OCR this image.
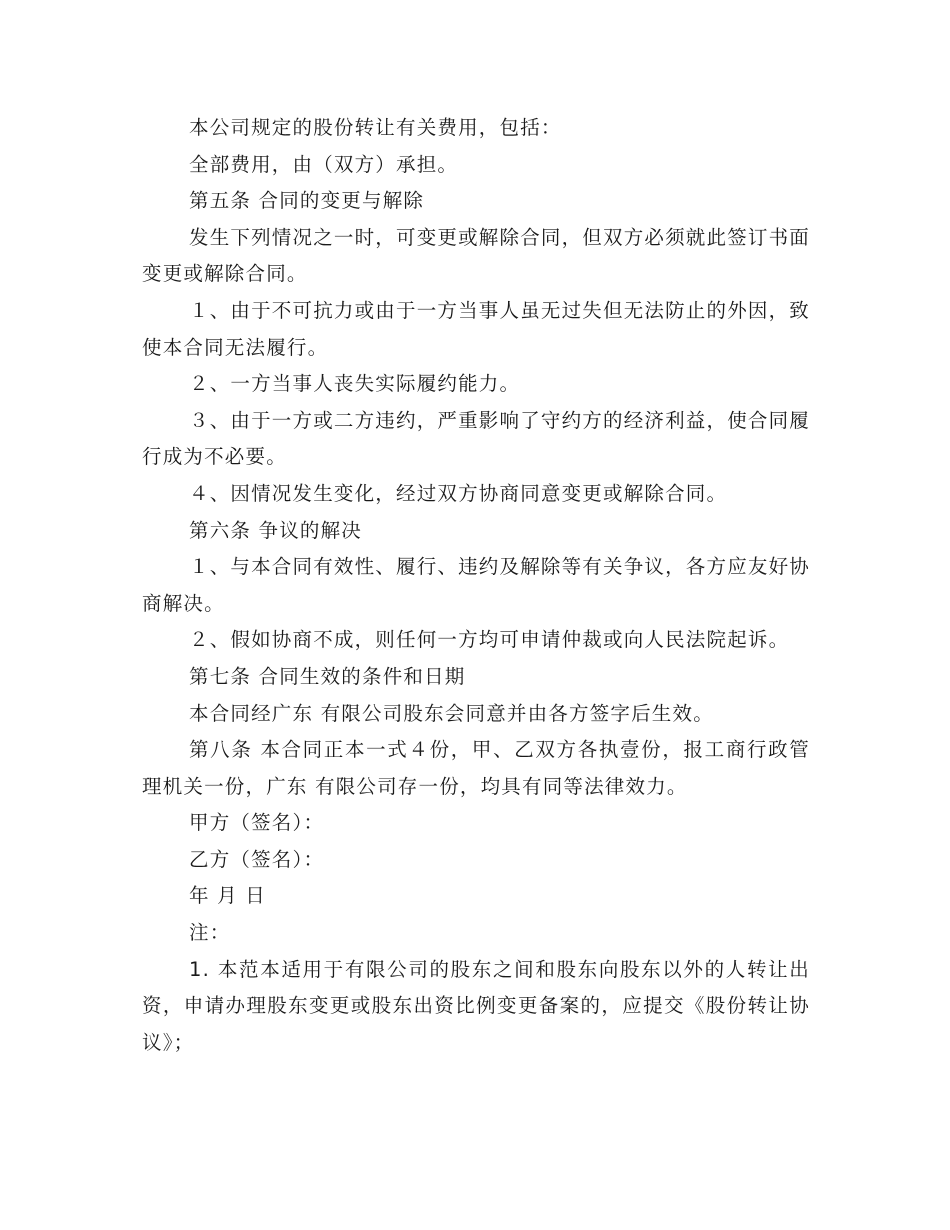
本公司规定的股份转让有关费用，包括：

全部费用，由（双方）承担。

第五条 合同的变更与解除

发生下列情况之一时，可变更或解除合同，但双方必须就此签订书面变更或解除合同。

１、由于不可抗力或由于一方当事人虽无过失但无法防止的外因，致使本合同无法履行。

２、一方当事人丧失实际履约能力。

３、由于一方或二方违约，严重影响了守约方的经济利益，使合同履行成为不必要。

４、因情况发生变化，经过双方协商同意变更或解除合同。

第六条 争议的解决

１、与本合同有效性、履行、违约及解除等有关争议，各方应友好协商解决。

２、假如协商不成，则任何一方均可申请仲裁或向人民法院起诉。

第七条 合同生效的条件和日期

本合同经广东 有限公司股东会同意并由各方签字后生效。

第八条 本合同正本一式４份，甲、乙双方各执壹份，报工商行政管理机关一份，广东 有限公司存一份，均具有同等法律效力。

甲方（签名）：

乙方（签名）：

年 月 日

注：

1. 本范本适用于有限公司的股东之间和股东向股东以外的人转让出资，申请办理股东变更或股东出资比例变更备案的，应提交《股份转让协议》；
